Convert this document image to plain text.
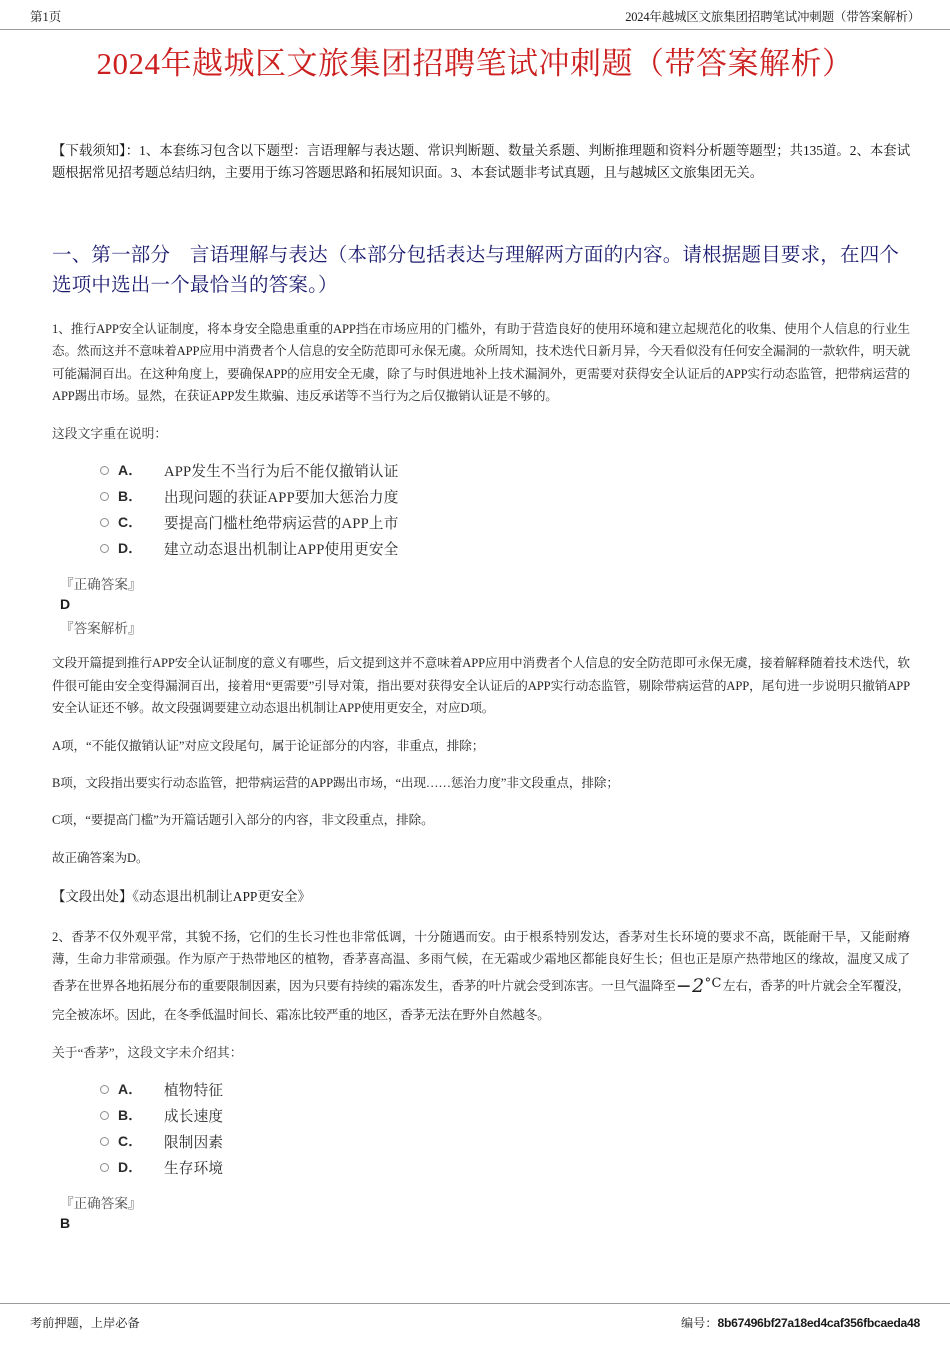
第1页	2024年越城区文旅集团招聘笔试冲刺题（带答案解析）
2024年越城区文旅集团招聘笔试冲刺题（带答案解析）
【下载须知】：1、本套练习包含以下题型：言语理解与表达题、常识判断题、数量关系题、判断推理题和资料分析题等题型；共135道。2、本套试题根据常见招考题总结归纳，主要用于练习答题思路和拓展知识面。3、本套试题非考试真题，且与越城区文旅集团无关。
一、第一部分　言语理解与表达（本部分包括表达与理解两方面的内容。请根据题目要求，在四个选项中选出一个最恰当的答案。）
1、推行APP安全认证制度，将本身安全隐患重重的APP挡在市场应用的门槛外，有助于营造良好的使用环境和建立起规范化的收集、使用个人信息的行业生态。然而这并不意味着APP应用中消费者个人信息的安全防范即可永保无虞。众所周知，技术迭代日新月异，今天看似没有任何安全漏洞的一款软件，明天就可能漏洞百出。在这种角度上，要确保APP的应用安全无虞，除了与时俱进地补上技术漏洞外，更需要对获得安全认证后的APP实行动态监管，把带病运营的APP踢出市场。显然，在获证APP发生欺骗、违反承诺等不当行为之后仅撤销认证是不够的。
这段文字重在说明：
A．	APP发生不当行为后不能仅撤销认证
B．	出现问题的获证APP要加大惩治力度
C．	要提高门槛杜绝带病运营的APP上市
D．	建立动态退出机制让APP使用更安全
『正确答案』
D
『答案解析』
文段开篇提到推行APP安全认证制度的意义有哪些，后文提到这并不意味着APP应用中消费者个人信息的安全防范即可永保无虞，接着解释随着技术迭代，软件很可能由安全变得漏洞百出，接着用“更需要”引导对策，指出要对获得安全认证后的APP实行动态监管，剔除带病运营的APP，尾句进一步说明只撤销APP安全认证还不够。故文段强调要建立动态退出机制让APP使用更安全，对应D项。
A项，“不能仅撤销认证”对应文段尾句，属于论证部分的内容，非重点，排除；
B项，文段指出要实行动态监管，把带病运营的APP踢出市场，“出现……惩治力度”非文段重点，排除；
C项，“要提高门槛”为开篇话题引入部分的内容，非文段重点，排除。
故正确答案为D。
【文段出处】《动态退出机制让APP更安全》
2、香茅不仅外观平常，其貌不扬，它们的生长习性也非常低调，十分随遇而安。由于根系特别发达，香茅对生长环境的要求不高，既能耐干旱，又能耐瘠薄，生命力非常顽强。作为原产于热带地区的植物，香茅喜高温、多雨气候，在无霜或少霜地区都能良好生长；但也正是原产热带地区的缘故，温度又成了香茅在世界各地拓展分布的重要限制因素，因为只要有持续的霜冻发生，香茅的叶片就会受到冻害。一旦气温降至$-2^{^\circ C}$左右，香茅的叶片就会全军覆没，完全被冻坏。因此，在冬季低温时间长、霜冻比较严重的地区，香茅无法在野外自然越冬。
关于“香茅”，这段文字未介绍其：
A．	植物特征
B．	成长速度
C．	限制因素
D．	生存环境
『正确答案』
B
考前押题，上岸必备	编号：8b67496bf27a18ed4caf356fbcaeda48
